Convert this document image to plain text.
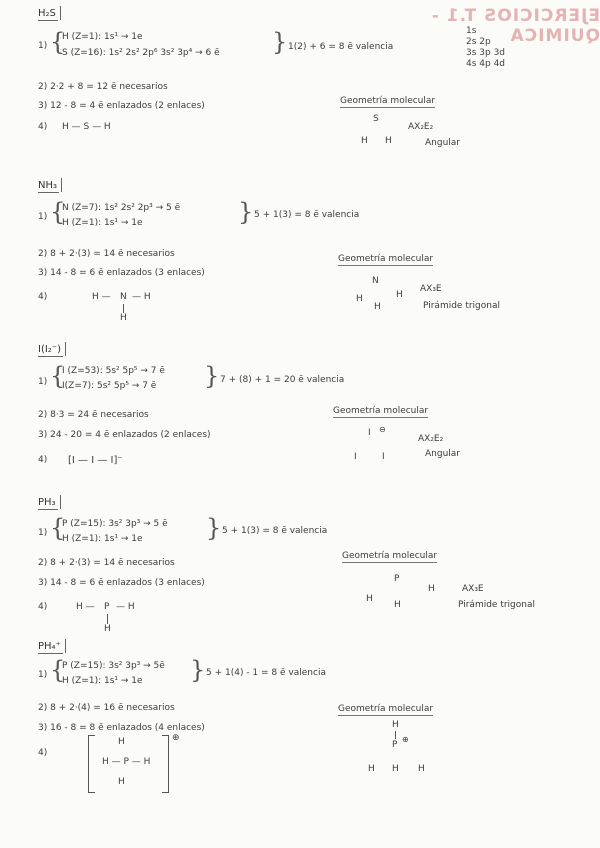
EJERCICIOS T.1 - QUIMICA
1s
2s 2p
3s 3p 3d
4s 4p 4d
H₂S
1) {
H (Z=1): 1s¹ → 1e
S (Z=16): 1s² 2s² 2p⁶ 3s² 3p⁴ → 6 ē } 1(2) + 6 = 8 ē valencia
2) 2·2 + 8 = 12 ē necesarios
3) 12 - 8 = 4 ē enlazados (2 enlaces)
4) H — S — H
Geometría molecular
S
H H
AX₂E₂
Angular
NH₃
1) {
N (Z=7): 1s² 2s² 2p³ → 5 ē
H (Z=1): 1s¹ → 1e	} 5 + 1(3) = 8 ē valencia
2) 8 + 2·(3) = 14 ē necesarios
3) 14 - 8 = 6 ē enlazados (3 enlaces)
4)	H — N — H
H
Geometría molecular
N
H	H
H
AX₃E
Pirámide trigonal
I(I₂⁻)
1) {
I (Z=53): 5s² 5p⁵ → 7 ē
I(Z=7): 5s² 5p⁵ → 7 ē } 7 + (8) + 1 = 20 ē valencia
2) 8·3 = 24 ē necesarios
3) 24 - 20 = 4 ē enlazados (2 enlaces)
4) [I — I — I]⁻
Geometría molecular
I ⊖
I	I
AX₂E₂
Angular
PH₃
1) {
P (Z=15): 3s² 3p³ → 5 ē
H (Z=1): 1s¹ → 1e	} 5 + 1(3) = 8 ē valencia
2) 8 + 2·(3) = 14 ē necesarios
3) 14 - 8 = 6 ē enlazados (3 enlaces)
4)	H — P — H
H
Geometría molecular
P
H
H
H
AX₃E
Pirámide trigonal
PH₄⁺
1) {
P (Z=15): 3s² 3p³ → 5ē
H (Z=1): 1s¹ → 1e } 5 + 1(4) - 1 = 8 ē valencia
2) 8 + 2·(4) = 16 ē necesarios
3) 16 - 8 = 8 ē enlazados (4 enlaces)
4)
H
H — P — H
H
⊕
Geometría molecular
H
P
⊕
H H H
